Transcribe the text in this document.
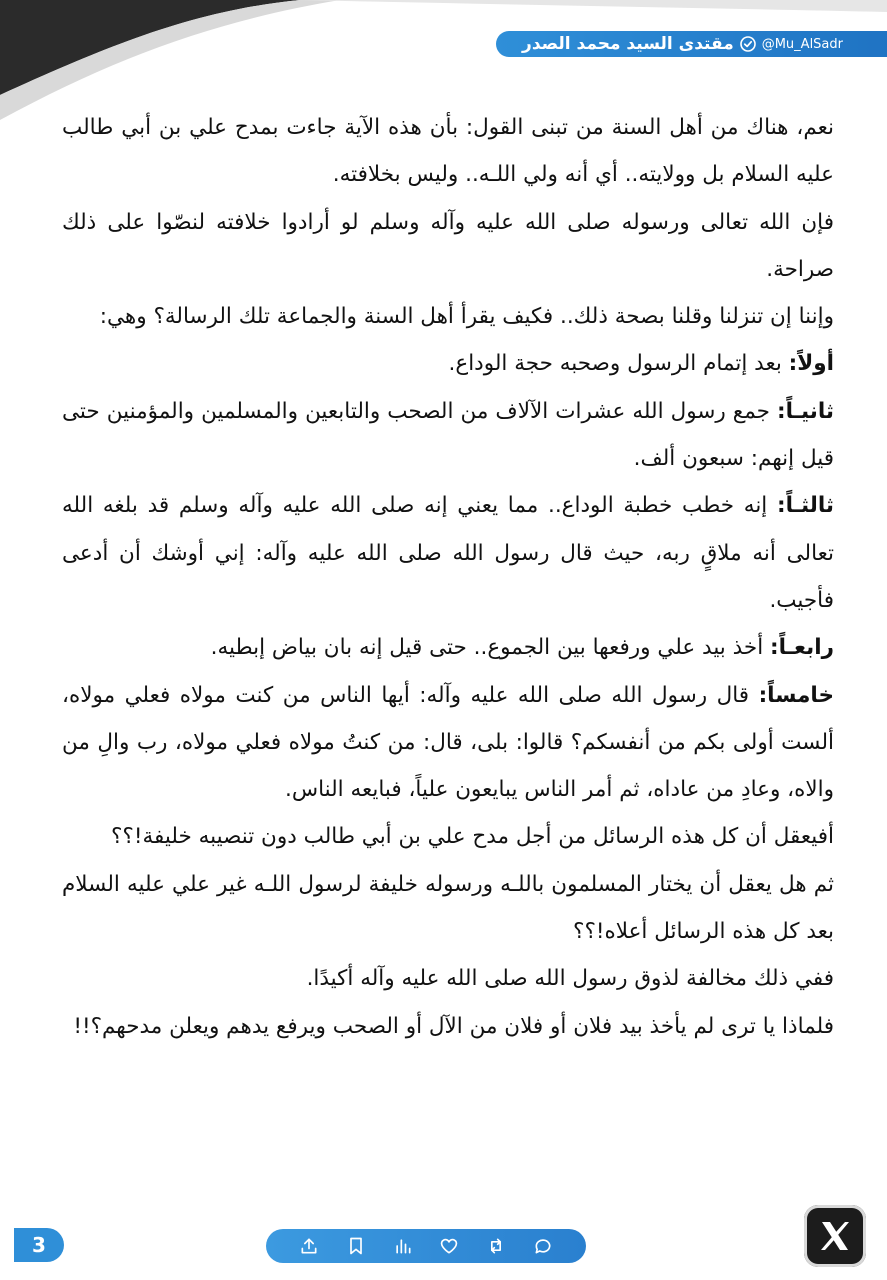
مقتدى السيد محمد الصدر @Mu_AlSadr

نعم، هناك من أهل السنة من تبنى القول: بأن هذه الآية جاءت بمدح علي بن أبي طالب عليه السلام بل وولايته.. أي أنه ولي اللـه.. وليس بخلافته.

فإن الله تعالى ورسوله صلى الله عليه وآله وسلم لو أرادوا خلافته لنصّوا على ذلك صراحة.

وإننا إن تنزلنا وقلنا بصحة ذلك.. فكيف يقرأ أهل السنة والجماعة تلك الرسالة؟ وهي:

أولاً: بعد إتمام الرسول وصحبه حجة الوداع.

ثانيـاً: جمع رسول الله عشرات الآلاف من الصحب والتابعين والمسلمين والمؤمنين حتى قيل إنهم: سبعون ألف.

ثالثـاً: إنه خطب خطبة الوداع.. مما يعني إنه صلى الله عليه وآله وسلم قد بلغه الله تعالى أنه ملاقٍ ربه، حيث قال رسول الله صلى الله عليه وآله: إني أوشك أن أدعى فأجيب.

رابعـاً: أخذ بيد علي ورفعها بين الجموع.. حتى قيل إنه بان بياض إبطيه.

خامساً: قال رسول الله صلى الله عليه وآله: أيها الناس من كنت مولاه فعلي مولاه، ألست أولى بكم من أنفسكم؟ قالوا: بلى، قال: من كنتُ مولاه فعلي مولاه، رب والِ من والاه، وعادِ من عاداه، ثم أمر الناس يبايعون علياً، فبايعه الناس.

أفيعقل أن كل هذه الرسائل من أجل مدح علي بن أبي طالب دون تنصيبه خليفة!؟؟

ثم هل يعقل أن يختار المسلمون باللـه ورسوله خليفة لرسول اللـه غير علي عليه السلام بعد كل هذه الرسائل أعلاه!؟؟

ففي ذلك مخالفة لذوق رسول الله صلى الله عليه وآله أكيدًا.

فلماذا يا ترى لم يأخذ بيد فلان أو فلان من الآل أو الصحب ويرفع يدهم ويعلن مدحهم؟!!

3
